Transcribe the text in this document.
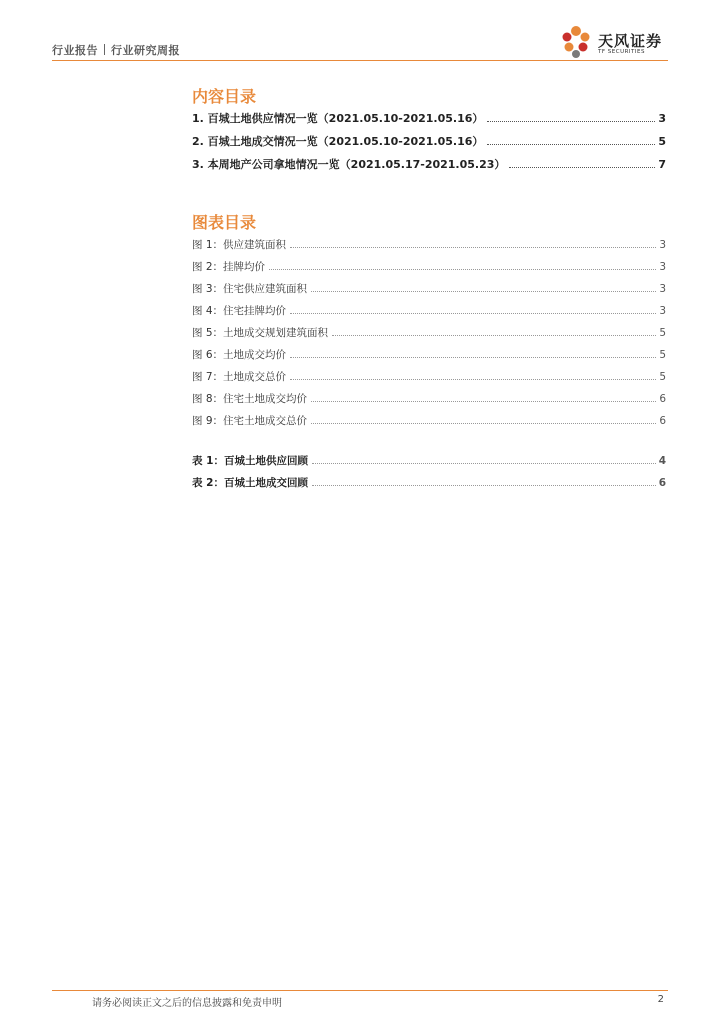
行业报告 行业研究周报
天风证券
TF SECURITIES
内容目录
1. 百城土地供应情况一览（2021.05.10-2021.05.16）	3
2. 百城土地成交情况一览（2021.05.10-2021.05.16）	5
3. 本周地产公司拿地情况一览（2021.05.17-2021.05.23）	7
图表目录
图 1：供应建筑面积	3
图 2：挂牌均价	3
图 3：住宅供应建筑面积	3
图 4：住宅挂牌均价	3
图 5：土地成交规划建筑面积	5
图 6：土地成交均价	5
图 7：土地成交总价	5
图 8：住宅土地成交均价	6
图 9：住宅土地成交总价	6
表 1：百城土地供应回顾	4
表 2：百城土地成交回顾	6
请务必阅读正文之后的信息披露和免责申明	2
